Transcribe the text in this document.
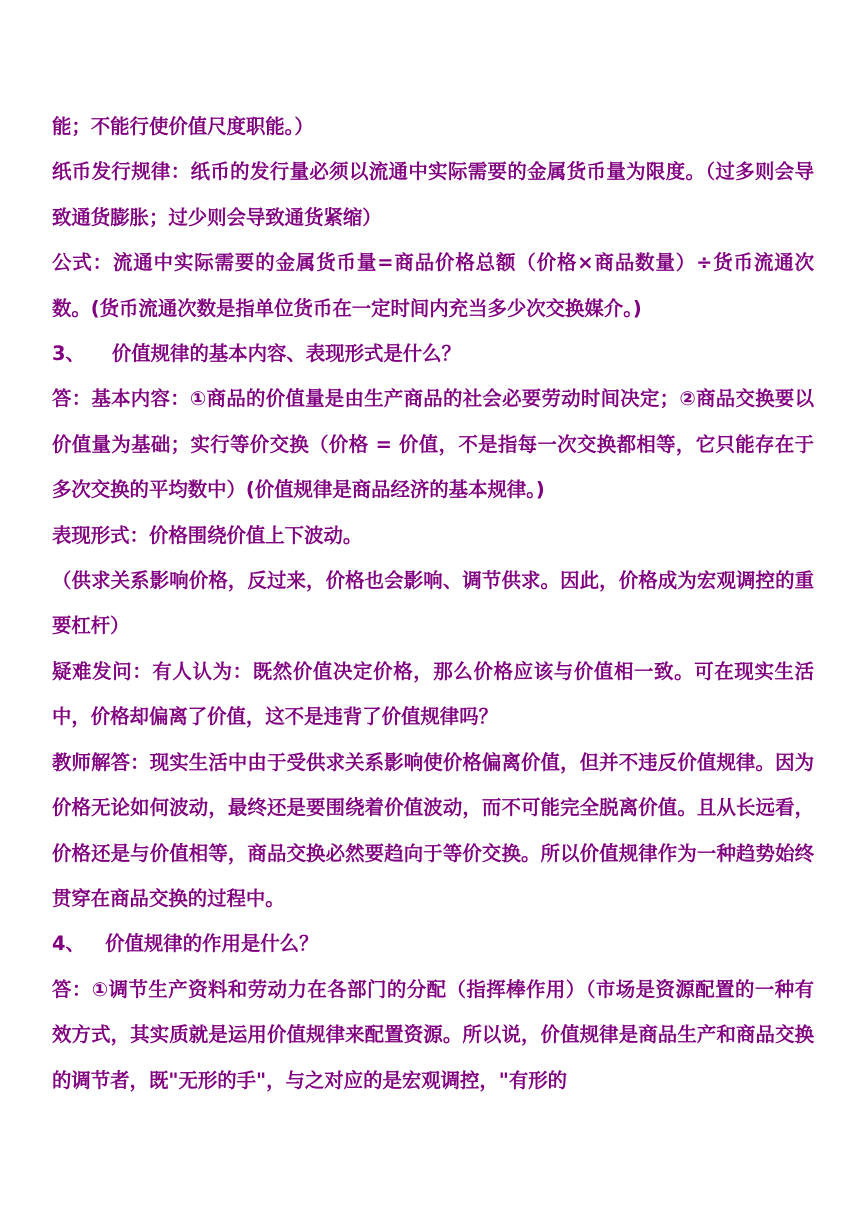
能；不能行使价值尺度职能。）

纸币发行规律：纸币的发行量必须以流通中实际需要的金属货币量为限度。（过多则会导致通货膨胀；过少则会导致通货紧缩）

公式：流通中实际需要的金属货币量=商品价格总额（价格×商品数量）÷货币流通次数。(货币流通次数是指单位货币在一定时间内充当多少次交换媒介。)

3、    价值规律的基本内容、表现形式是什么？

答：基本内容：①商品的价值量是由生产商品的社会必要劳动时间决定；②商品交换要以价值量为基础；实行等价交换（价格 = 价值，不是指每一次交换都相等，它只能存在于多次交换的平均数中）(价值规律是商品经济的基本规律。)

表现形式：价格围绕价值上下波动。

（供求关系影响价格，反过来，价格也会影响、调节供求。因此，价格成为宏观调控的重要杠杆）

疑难发问：有人认为：既然价值决定价格，那么价格应该与价值相一致。可在现实生活中，价格却偏离了价值，这不是违背了价值规律吗？

教师解答：现实生活中由于受供求关系影响使价格偏离价值，但并不违反价值规律。因为价格无论如何波动，最终还是要围绕着价值波动，而不可能完全脱离价值。且从长远看，价格还是与价值相等，商品交换必然要趋向于等价交换。所以价值规律作为一种趋势始终贯穿在商品交换的过程中。

4、   价值规律的作用是什么？

答：①调节生产资料和劳动力在各部门的分配（指挥棒作用）（市场是资源配置的一种有效方式，其实质就是运用价值规律来配置资源。所以说，价值规律是商品生产和商品交换的调节者，既"无形的手"，与之对应的是宏观调控，"有形的
